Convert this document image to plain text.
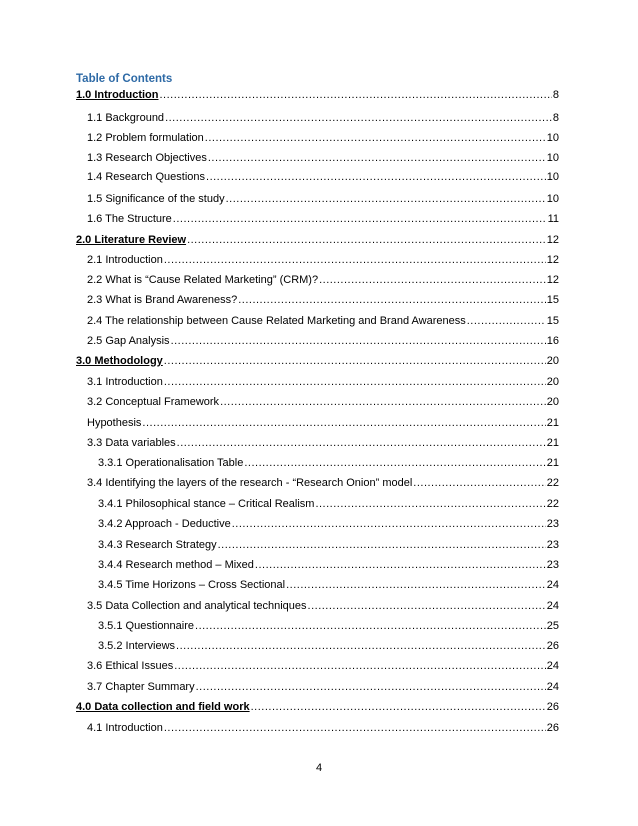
Table of Contents
1.0 Introduction .....	8
1.1 Background .....	8
1.2 Problem formulation .....	10
1.3 Research Objectives .....	10
1.4 Research Questions .....	10
1.5 Significance of the study .....	10
1.6 The Structure .....	11
2.0 Literature Review .....	12
2.1 Introduction .....	12
2.2 What is “Cause Related Marketing” (CRM)? .....	12
2.3 What is Brand Awareness? .....	15
2.4 The relationship between Cause Related Marketing and Brand Awareness .....	15
2.5 Gap Analysis .....	16
3.0 Methodology .....	20
3.1 Introduction .....	20
3.2 Conceptual Framework .....	20
Hypothesis .....	21
3.3 Data variables .....	21
3.3.1 Operationalisation Table .....	21
3.4 Identifying the layers of the research - “Research Onion” model .....	22
3.4.1 Philosophical stance – Critical Realism .....	22
3.4.2 Approach - Deductive .....	23
3.4.3 Research Strategy .....	23
3.4.4 Research method – Mixed .....	23
3.4.5 Time Horizons – Cross Sectional .....	24
3.5 Data Collection and analytical techniques .....	24
3.5.1 Questionnaire .....	25
3.5.2 Interviews .....	26
3.6 Ethical Issues .....	24
3.7 Chapter Summary .....	24
4.0 Data collection and field work .....	26
4.1 Introduction .....	26
4
